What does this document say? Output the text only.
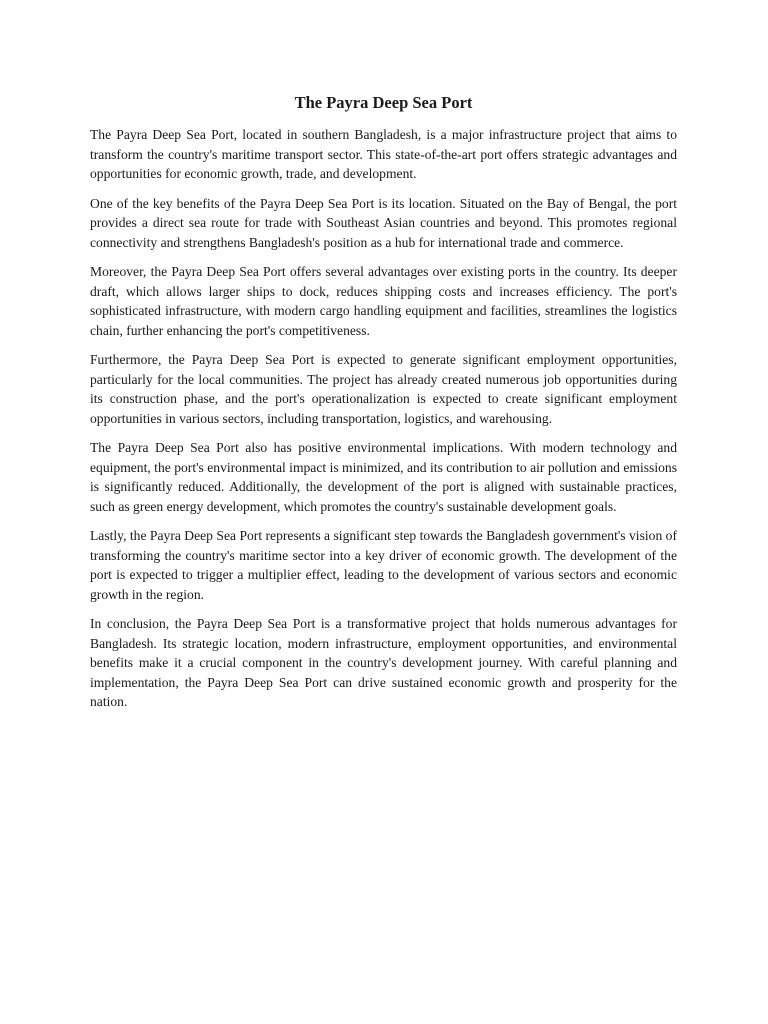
The Payra Deep Sea Port

The Payra Deep Sea Port, located in southern Bangladesh, is a major infrastructure project that aims to transform the country's maritime transport sector. This state-of-the-art port offers strategic advantages and opportunities for economic growth, trade, and development.

One of the key benefits of the Payra Deep Sea Port is its location. Situated on the Bay of Bengal, the port provides a direct sea route for trade with Southeast Asian countries and beyond. This promotes regional connectivity and strengthens Bangladesh's position as a hub for international trade and commerce.

Moreover, the Payra Deep Sea Port offers several advantages over existing ports in the country. Its deeper draft, which allows larger ships to dock, reduces shipping costs and increases efficiency. The port's sophisticated infrastructure, with modern cargo handling equipment and facilities, streamlines the logistics chain, further enhancing the port's competitiveness.

Furthermore, the Payra Deep Sea Port is expected to generate significant employment opportunities, particularly for the local communities. The project has already created numerous job opportunities during its construction phase, and the port's operationalization is expected to create significant employment opportunities in various sectors, including transportation, logistics, and warehousing.

The Payra Deep Sea Port also has positive environmental implications. With modern technology and equipment, the port's environmental impact is minimized, and its contribution to air pollution and emissions is significantly reduced. Additionally, the development of the port is aligned with sustainable practices, such as green energy development, which promotes the country's sustainable development goals.

Lastly, the Payra Deep Sea Port represents a significant step towards the Bangladesh government's vision of transforming the country's maritime sector into a key driver of economic growth. The development of the port is expected to trigger a multiplier effect, leading to the development of various sectors and economic growth in the region.

In conclusion, the Payra Deep Sea Port is a transformative project that holds numerous advantages for Bangladesh. Its strategic location, modern infrastructure, employment opportunities, and environmental benefits make it a crucial component in the country's development journey. With careful planning and implementation, the Payra Deep Sea Port can drive sustained economic growth and prosperity for the nation.
